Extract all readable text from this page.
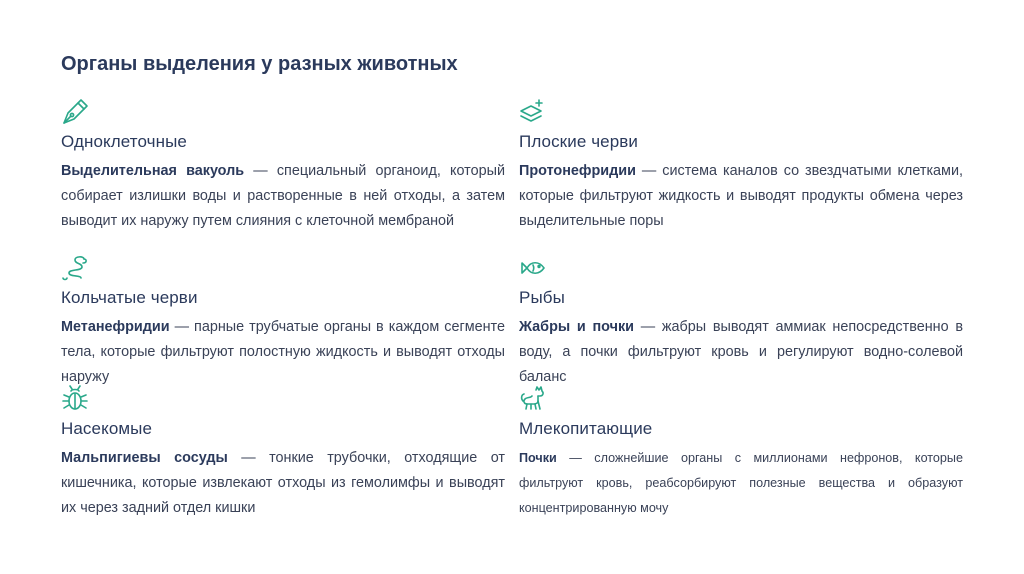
Органы выделения у разных животных
Одноклеточные
Выделительная вакуоль — специальный органоид, который собирает излишки воды и растворенные в ней отходы, а затем выводит их наружу путем слияния с клеточной мембраной
Плоские черви
Протонефридии — система каналов со звездчатыми клетками, которые фильтруют жидкость и выводят продукты обмена через выделительные поры
Кольчатые черви
Метанефридии — парные трубчатые органы в каждом сегменте тела, которые фильтруют полостную жидкость и выводят отходы наружу
Рыбы
Жабры и почки — жабры выводят аммиак непосредственно в воду, а почки фильтруют кровь и регулируют водно-солевой баланс
Насекомые
Мальпигиевы сосуды — тонкие трубочки, отходящие от кишечника, которые извлекают отходы из гемолимфы и выводят их через задний отдел кишки
Млекопитающие
Почки — сложнейшие органы с миллионами нефронов, которые фильтруют кровь, реабсорбируют полезные вещества и образуют концентрированную мочу
